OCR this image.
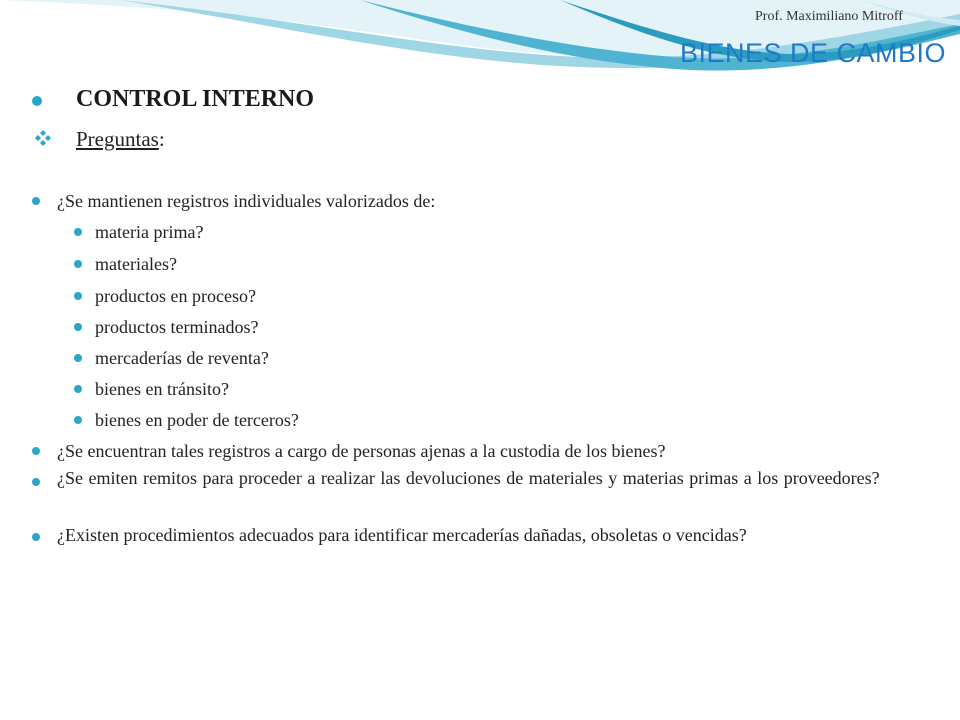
Prof. Maximiliano Mitroff
BIENES DE CAMBIO
CONTROL INTERNO
Preguntas:
¿Se mantienen registros individuales valorizados de:
materia prima?
materiales?
productos en proceso?
productos terminados?
mercaderías de reventa?
bienes en tránsito?
bienes en poder de terceros?
¿Se encuentran tales registros a cargo de personas ajenas a la custodia de los bienes?
¿Se emiten remitos para proceder a realizar las devoluciones de materiales y materias primas a los proveedores?
¿Existen procedimientos adecuados para identificar mercaderías dañadas, obsoletas o vencidas?
